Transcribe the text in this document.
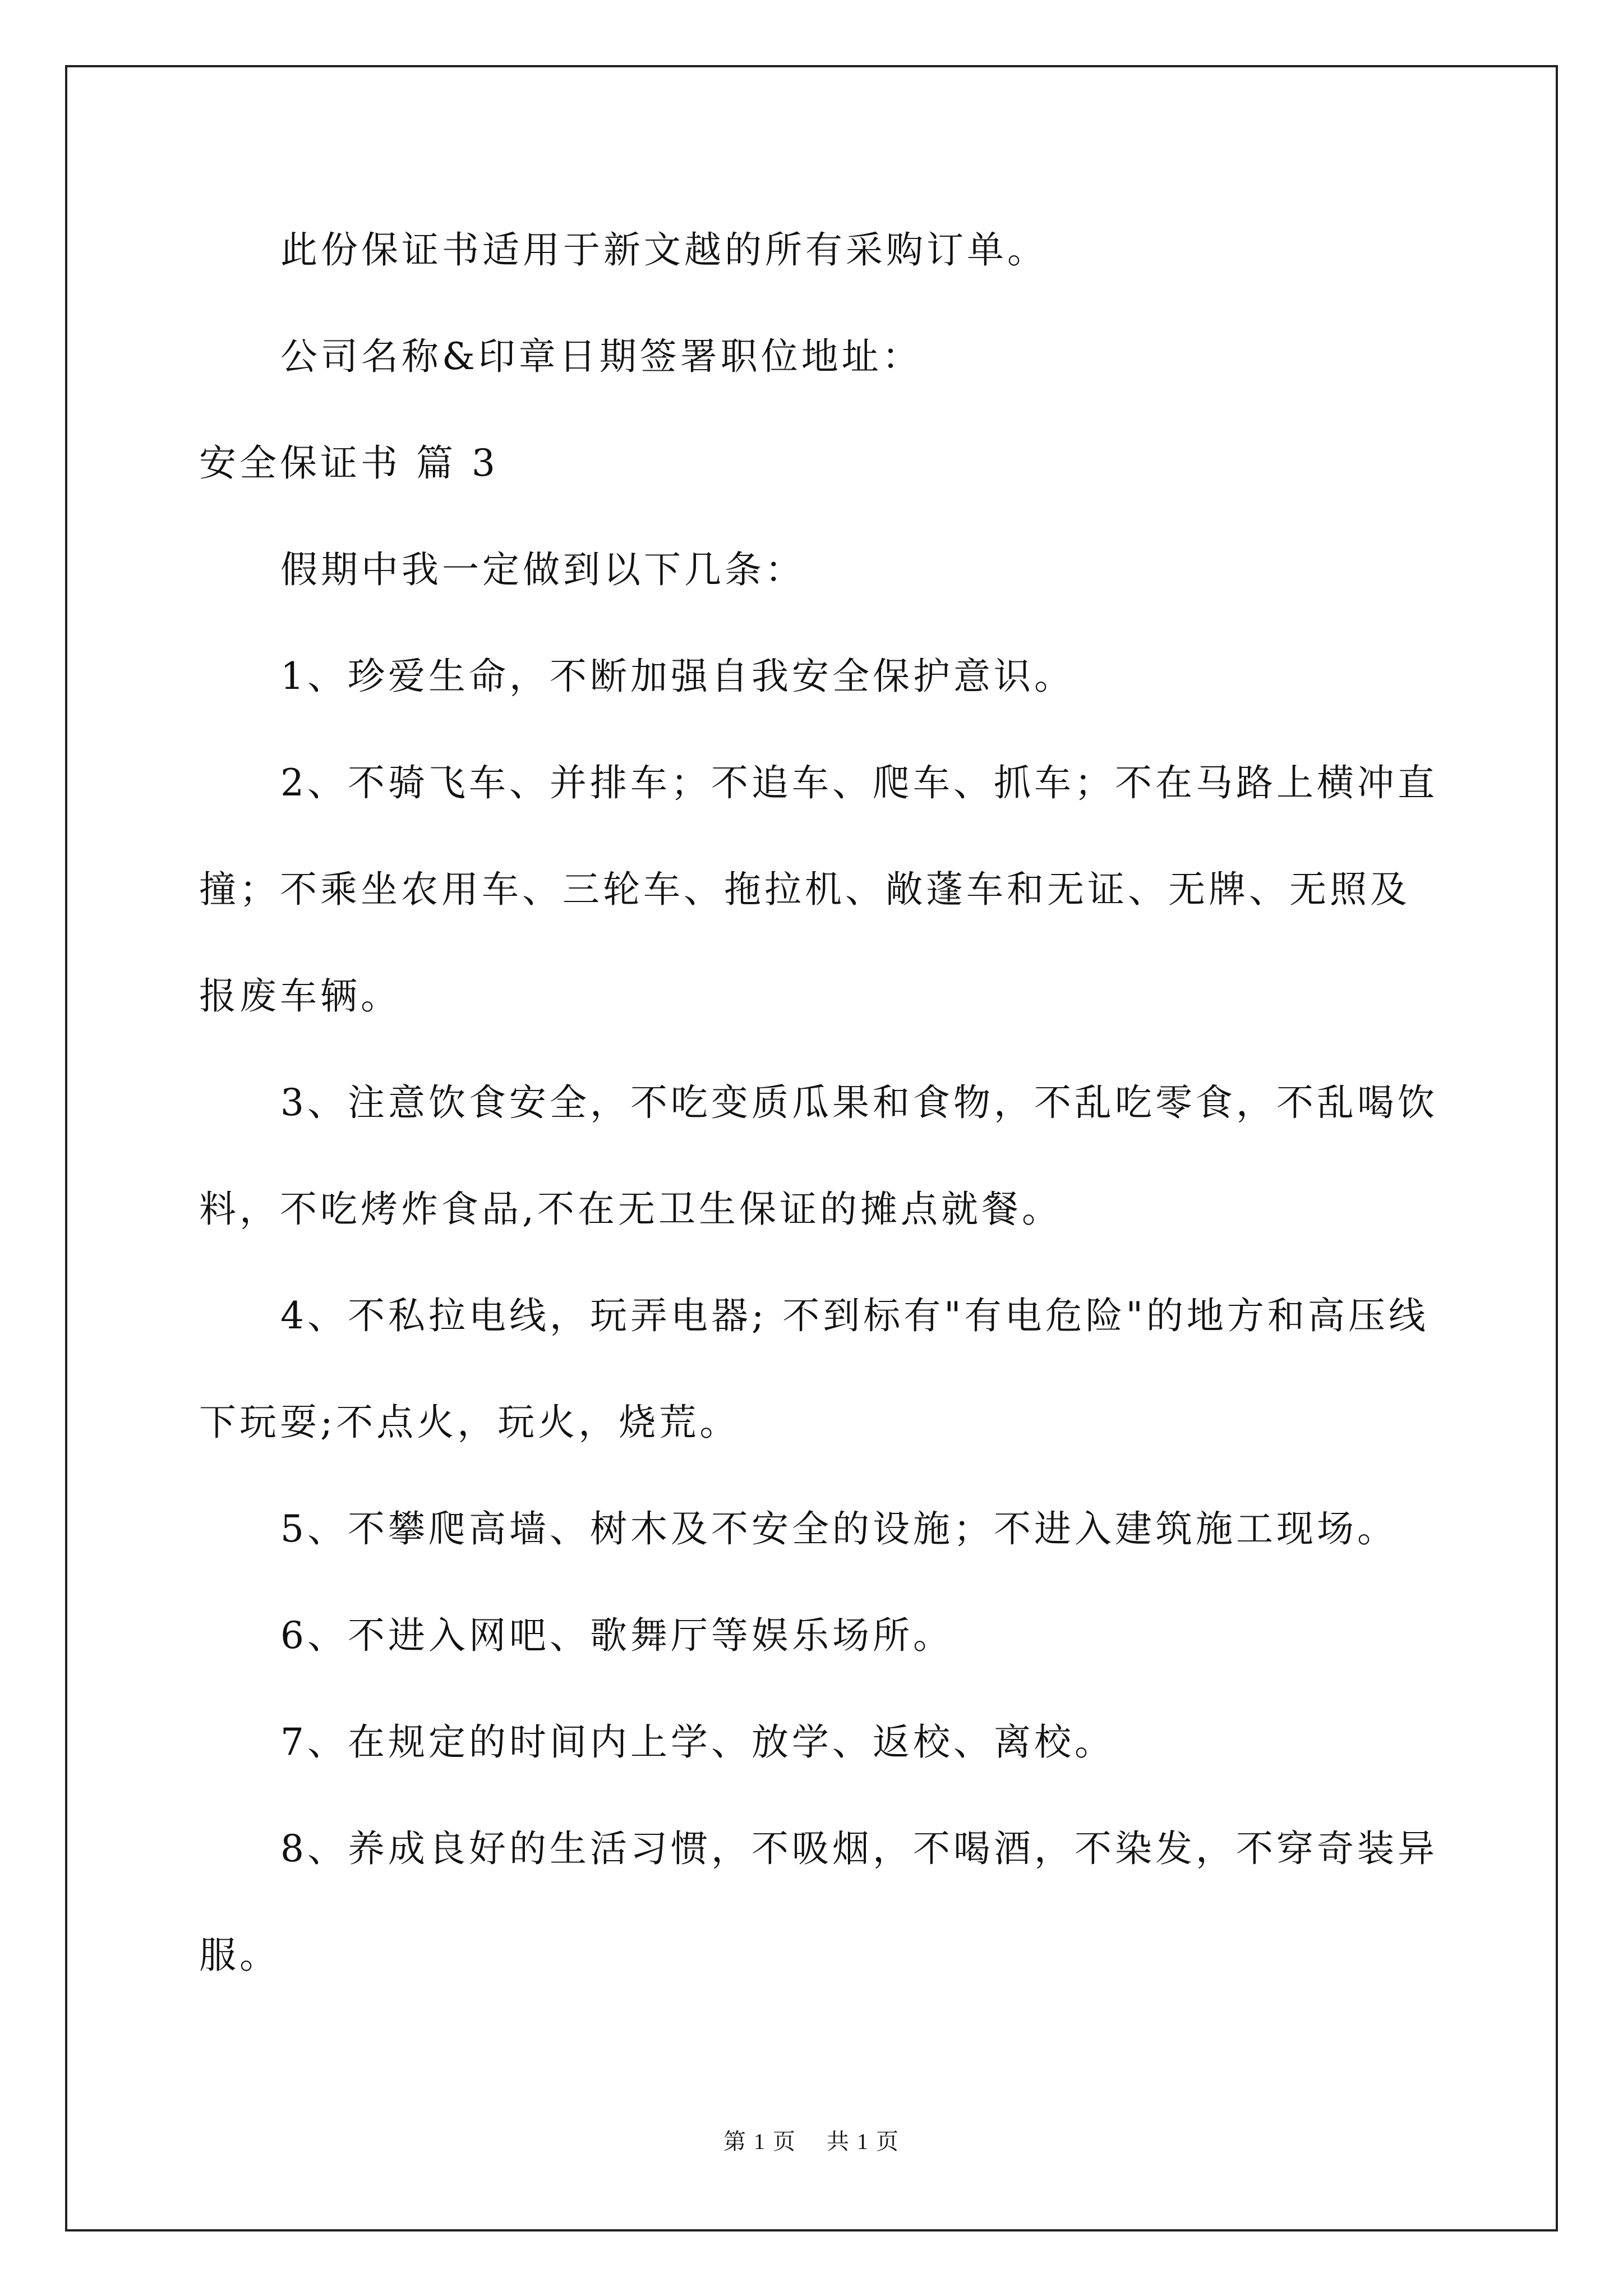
此份保证书适用于新文越的所有采购订单。
公司名称&印章日期签署职位地址：
安全保证书 篇 3
假期中我一定做到以下几条：
1、珍爱生命，不断加强自我安全保护意识。
2、不骑飞车、并排车；不追车、爬车、抓车；不在马路上横冲直
撞；不乘坐农用车、三轮车、拖拉机、敞蓬车和无证、无牌、无照及
报废车辆。
3、注意饮食安全，不吃变质瓜果和食物，不乱吃零食，不乱喝饮
料，不吃烤炸食品,不在无卫生保证的摊点就餐。
4、不私拉电线，玩弄电器; 不到标有"有电危险"的地方和高压线
下玩耍;不点火，玩火，烧荒。
5、不攀爬高墙、树木及不安全的设施；不进入建筑施工现场。
6、不进入网吧、歌舞厅等娱乐场所。
7、在规定的时间内上学、放学、返校、离校。
8、养成良好的生活习惯，不吸烟，不喝酒，不染发，不穿奇装异
服。
第 1 页 共 1 页
